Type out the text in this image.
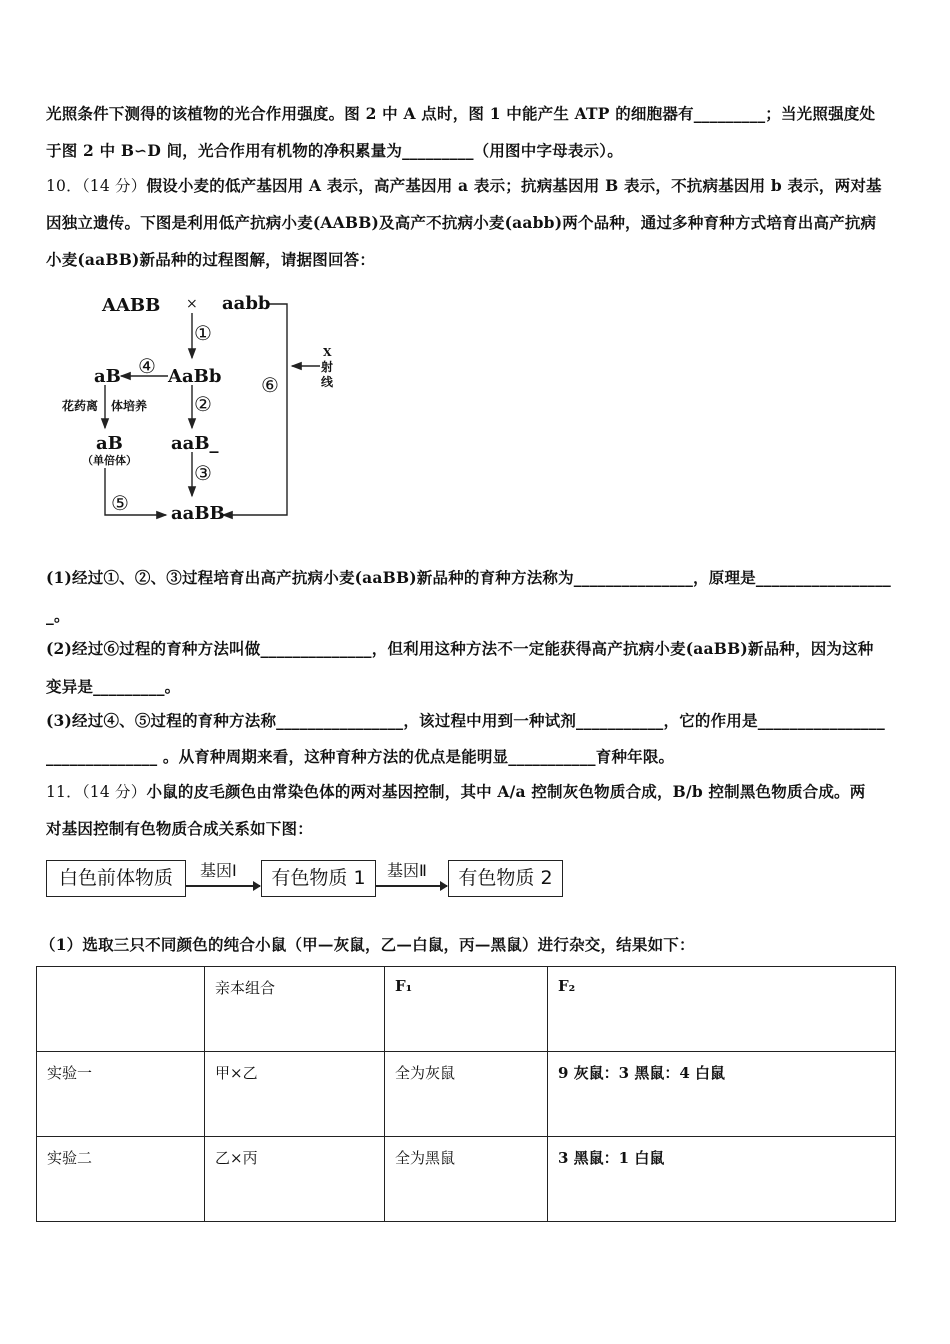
光照条件下测得的该植物的光合作用强度。图 2 中 A 点时，图 1 中能产生 ATP 的细胞器有_________；当光照强度处
于图 2 中 B∽D 间，光合作用有机物的净积累量为_________（用图中字母表示）。
10．（14 分）假设小麦的低产基因用 A 表示，高产基因用 a 表示；抗病基因用 B 表示，不抗病基因用 b 表示，两对基
因独立遗传。下图是利用低产抗病小麦(AABB)及高产不抗病小麦(aabb)两个品种，通过多种育种方式培育出高产抗病
小麦(aaBB)新品种的过程图解，请据图回答：
AABB × aabb
AaBb
aB
aB	aaB_
aaBB
①
②
③
④
⑤
⑥
花药离 体培养
（单倍体）
X
射
线
(1)经过①、②、③过程培育出高产抗病小麦(aaBB)新品种的育种方法称为_______________，原理是_________________
_。
(2)经过⑥过程的育种方法叫做______________，但利用这种方法不一定能获得高产抗病小麦(aaBB)新品种，因为这种
变异是_________。
(3)经过④、⑤过程的育种方法称________________，该过程中用到一种试剂___________，它的作用是________________
______________ 。从育种周期来看，这种育种方法的优点是能明显___________育种年限。
11．（14 分）小鼠的皮毛颜色由常染色体的两对基因控制，其中 A/a 控制灰色物质合成，B/b 控制黑色物质合成。两
对基因控制有色物质合成关系如下图：
白色前体物质	基因Ⅰ	有色物质 1	基因Ⅱ	有色物质 2
（1）选取三只不同颜色的纯合小鼠（甲—灰鼠，乙—白鼠，丙—黑鼠）进行杂交，结果如下：
	亲本组合	F₁	F₂
实验一	甲×乙	全为灰鼠	9 灰鼠：3 黑鼠：4 白鼠
实验二	乙×丙	全为黑鼠	3 黑鼠：1 白鼠
